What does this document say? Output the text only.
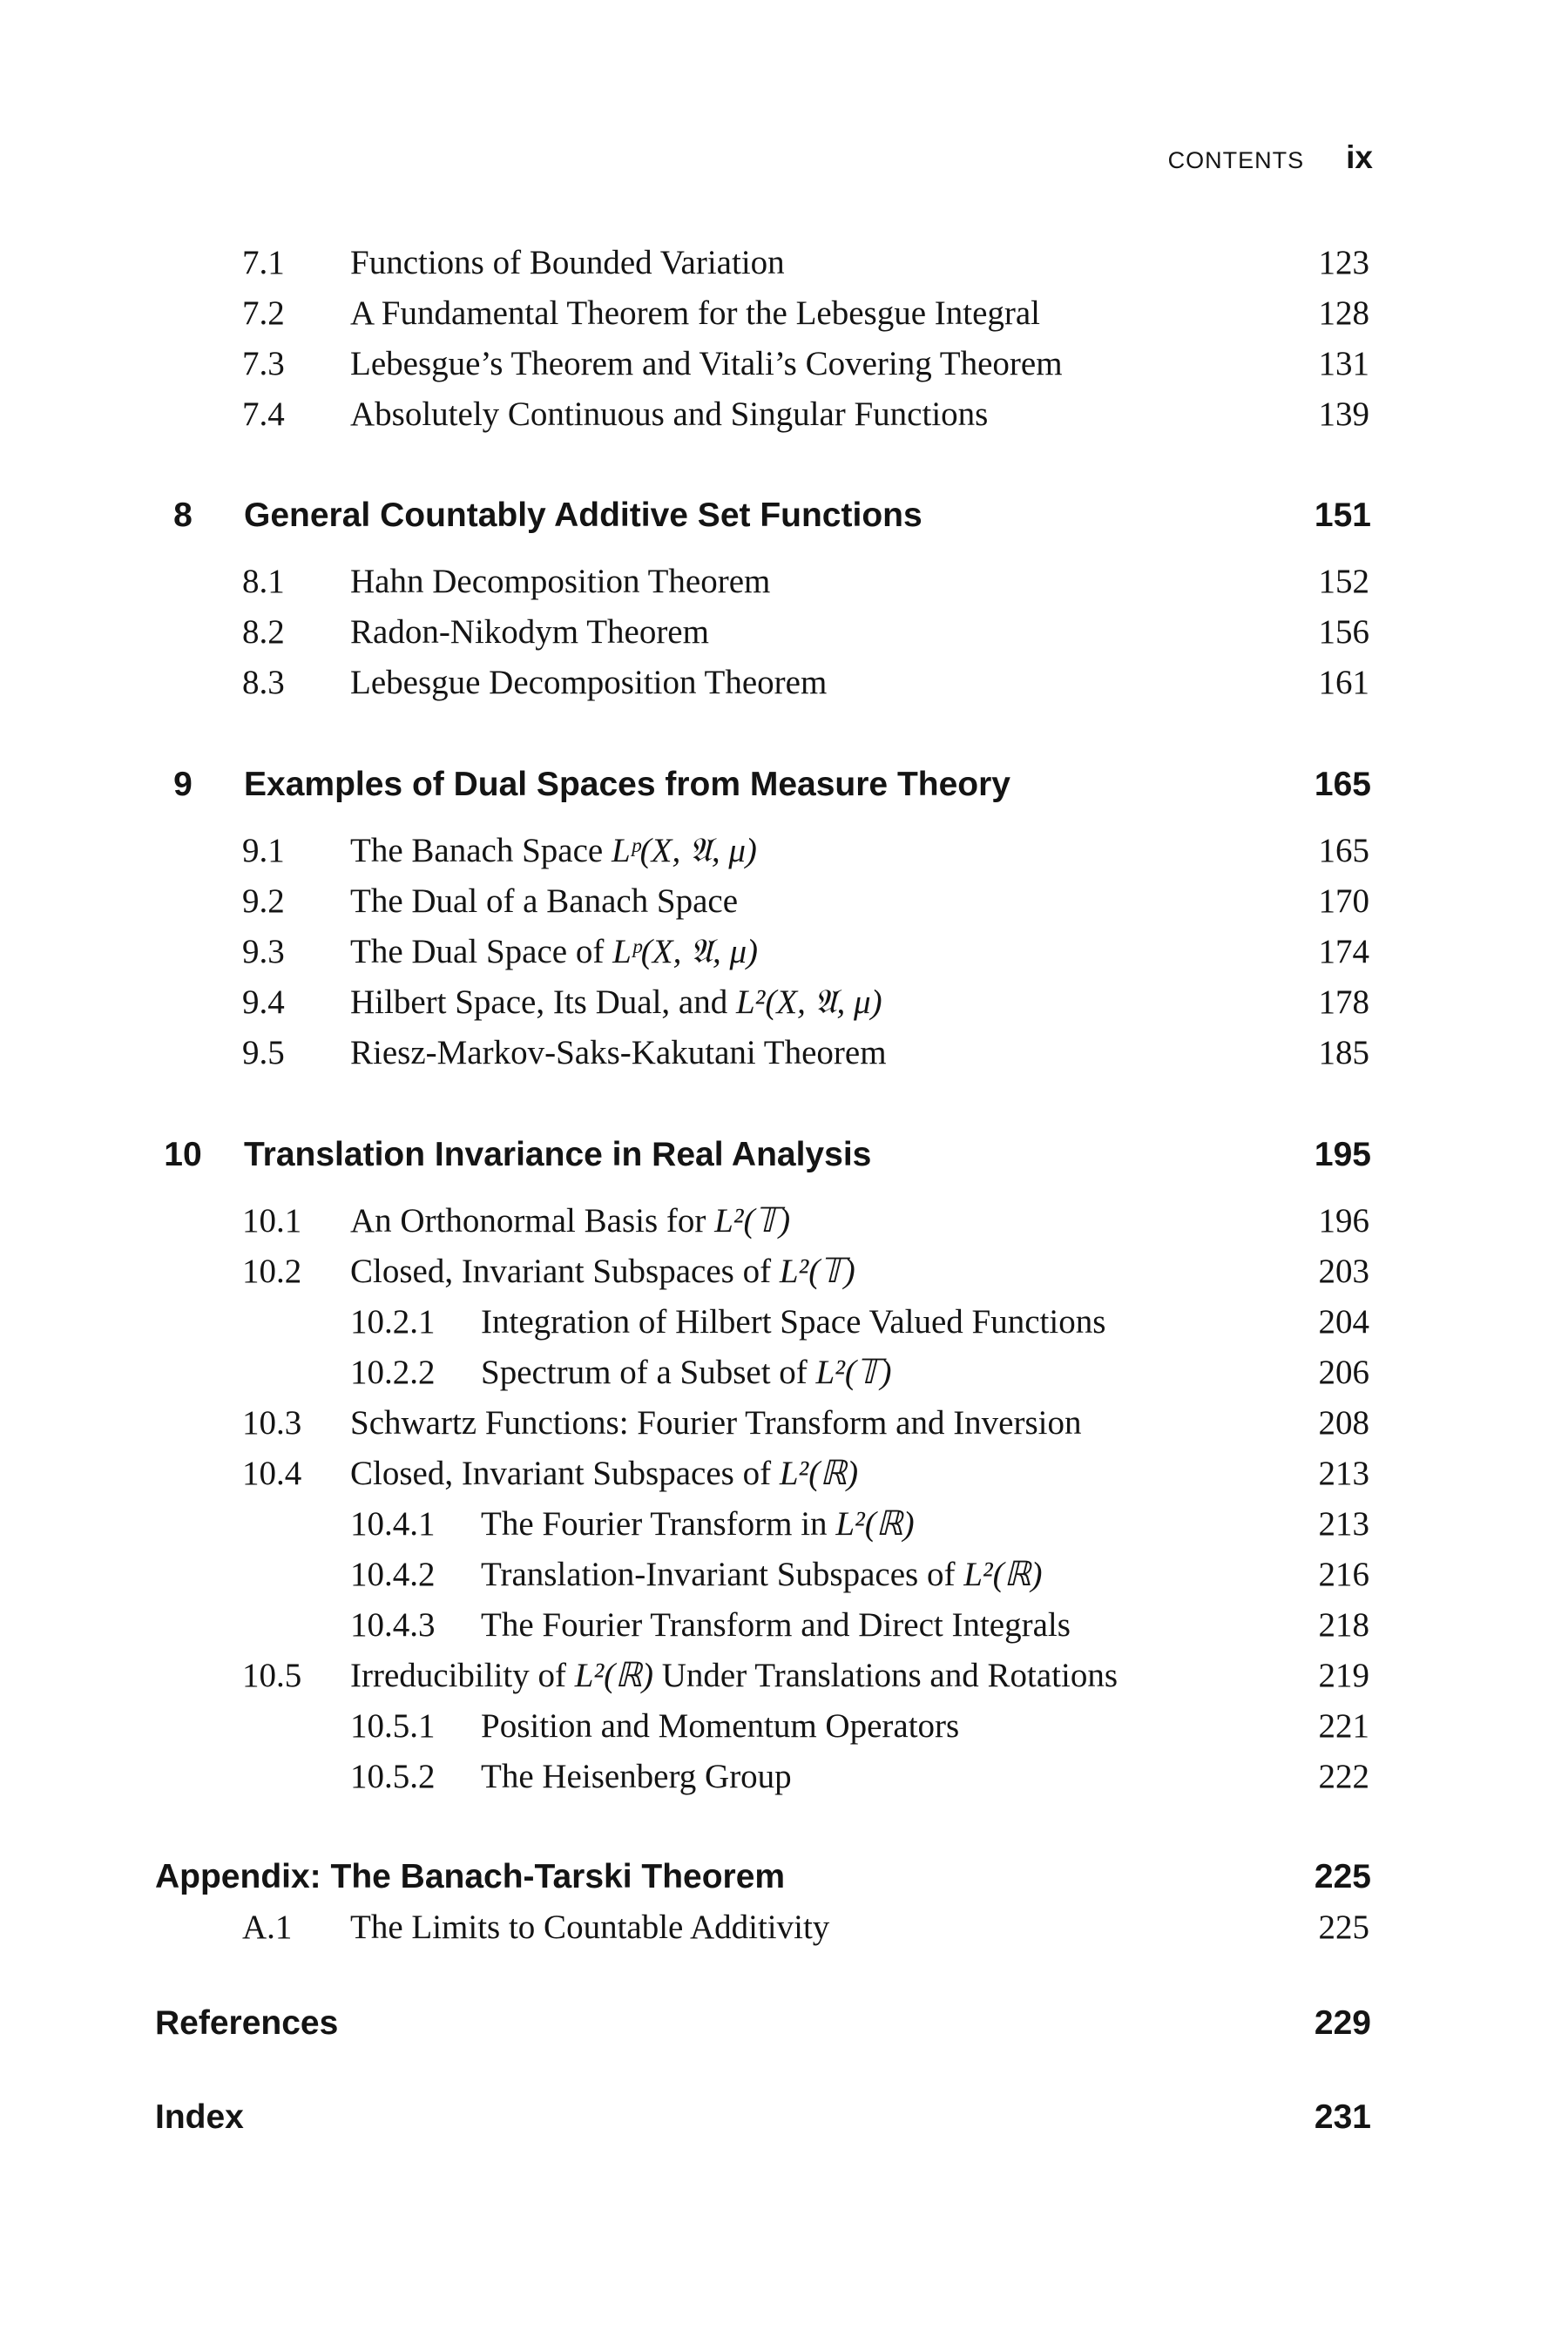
CONTENTS ix
7.1 Functions of Bounded Variation	123
7.2 A Fundamental Theorem for the Lebesgue Integral	128
7.3 Lebesgue’s Theorem and Vitali’s Covering Theorem	131
7.4 Absolutely Continuous and Singular Functions	139
8	General Countably Additive Set Functions	151
8.1 Hahn Decomposition Theorem	152
8.2 Radon-Nikodym Theorem	156
8.3 Lebesgue Decomposition Theorem	161
9	Examples of Dual Spaces from Measure Theory	165
9.1 The Banach Space Lᵖ(X, 𝔄, μ)	165
9.2 The Dual of a Banach Space	170
9.3 The Dual Space of Lᵖ(X, 𝔄, μ)	174
9.4 Hilbert Space, Its Dual, and L²(X, 𝔄, μ)	178
9.5 Riesz-Markov-Saks-Kakutani Theorem	185
10	Translation Invariance in Real Analysis	195
10.1 An Orthonormal Basis for L²(𝕋)	196
10.2 Closed, Invariant Subspaces of L²(𝕋)	203
10.2.1 Integration of Hilbert Space Valued Functions	204
10.2.2 Spectrum of a Subset of L²(𝕋)	206
10.3 Schwartz Functions: Fourier Transform and Inversion	208
10.4 Closed, Invariant Subspaces of L²(ℝ)	213
10.4.1 The Fourier Transform in L²(ℝ)	213
10.4.2 Translation-Invariant Subspaces of L²(ℝ)	216
10.4.3 The Fourier Transform and Direct Integrals	218
10.5 Irreducibility of L²(ℝ) Under Translations and Rotations	219
10.5.1 Position and Momentum Operators	221
10.5.2 The Heisenberg Group	222
Appendix: The Banach-Tarski Theorem	225
A.1 The Limits to Countable Additivity	225
References	229
Index	231
